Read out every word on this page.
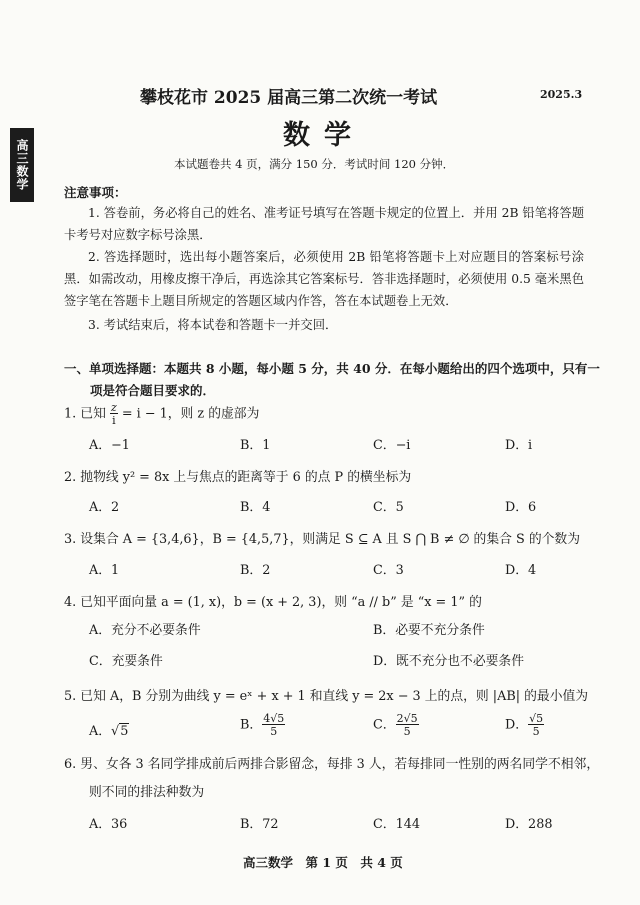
高三数学
攀枝花市 2025 届高三第二次统一考试	2025.3
数学
本试题卷共 4 页，满分 150 分．考试时间 120 分钟．
注意事项：
1. 答卷前，务必将自己的姓名、准考证号填写在答题卡规定的位置上．并用 2B 铅笔将答题卡考号对应数字标号涂黑．
2. 答选择题时，选出每小题答案后，必须使用 2B 铅笔将答题卡上对应题目的答案标号涂黑．如需改动，用橡皮擦干净后，再选涂其它答案标号．答非选择题时，必须使用 0.5 毫米黑色签字笔在答题卡上题目所规定的答题区域内作答，答在本试题卷上无效．
3. 考试结束后，将本试卷和答题卡一并交回．
一、单项选择题：本题共 8 小题，每小题 5 分，共 40 分．在每小题给出的四个选项中，只有一项是符合题目要求的．
1. 已知 $\frac{z}{i} = i - 1$，则 z 的虚部为
A．−1	B．1	C．−i	D．i
2. 抛物线 y² = 8x 上与焦点的距离等于 6 的点 P 的横坐标为
A．2	B．4	C．5	D．6
3. 设集合 A = {3,4,6}，B = {4,5,7}，则满足 S ⊆ A 且 S ⋂ B ≠ ∅ 的集合 S 的个数为
A．1	B．2	C．3	D．4
4. 已知平面向量 a = (1, x)，b = (x + 2, 3)，则 “a // b” 是 “x = 1” 的
A．充分不必要条件	B．必要不充分条件
C．充要条件	D．既不充分也不必要条件
5. 已知 A，B 分别为曲线 y = eˣ + x + 1 和直线 y = 2x − 3 上的点，则 |AB| 的最小值为
A．√5	B． $\frac{4√5}{5}$	C． $\frac{2√5}{5}$	D． $\frac{√5}{5}$
6. 男、女各 3 名同学排成前后两排合影留念，每排 3 人，若每排同一性别的两名同学不相邻，
则不同的排法种数为
A．36	B．72	C．144	D．288
高三数学　第 1 页　共 4 页
